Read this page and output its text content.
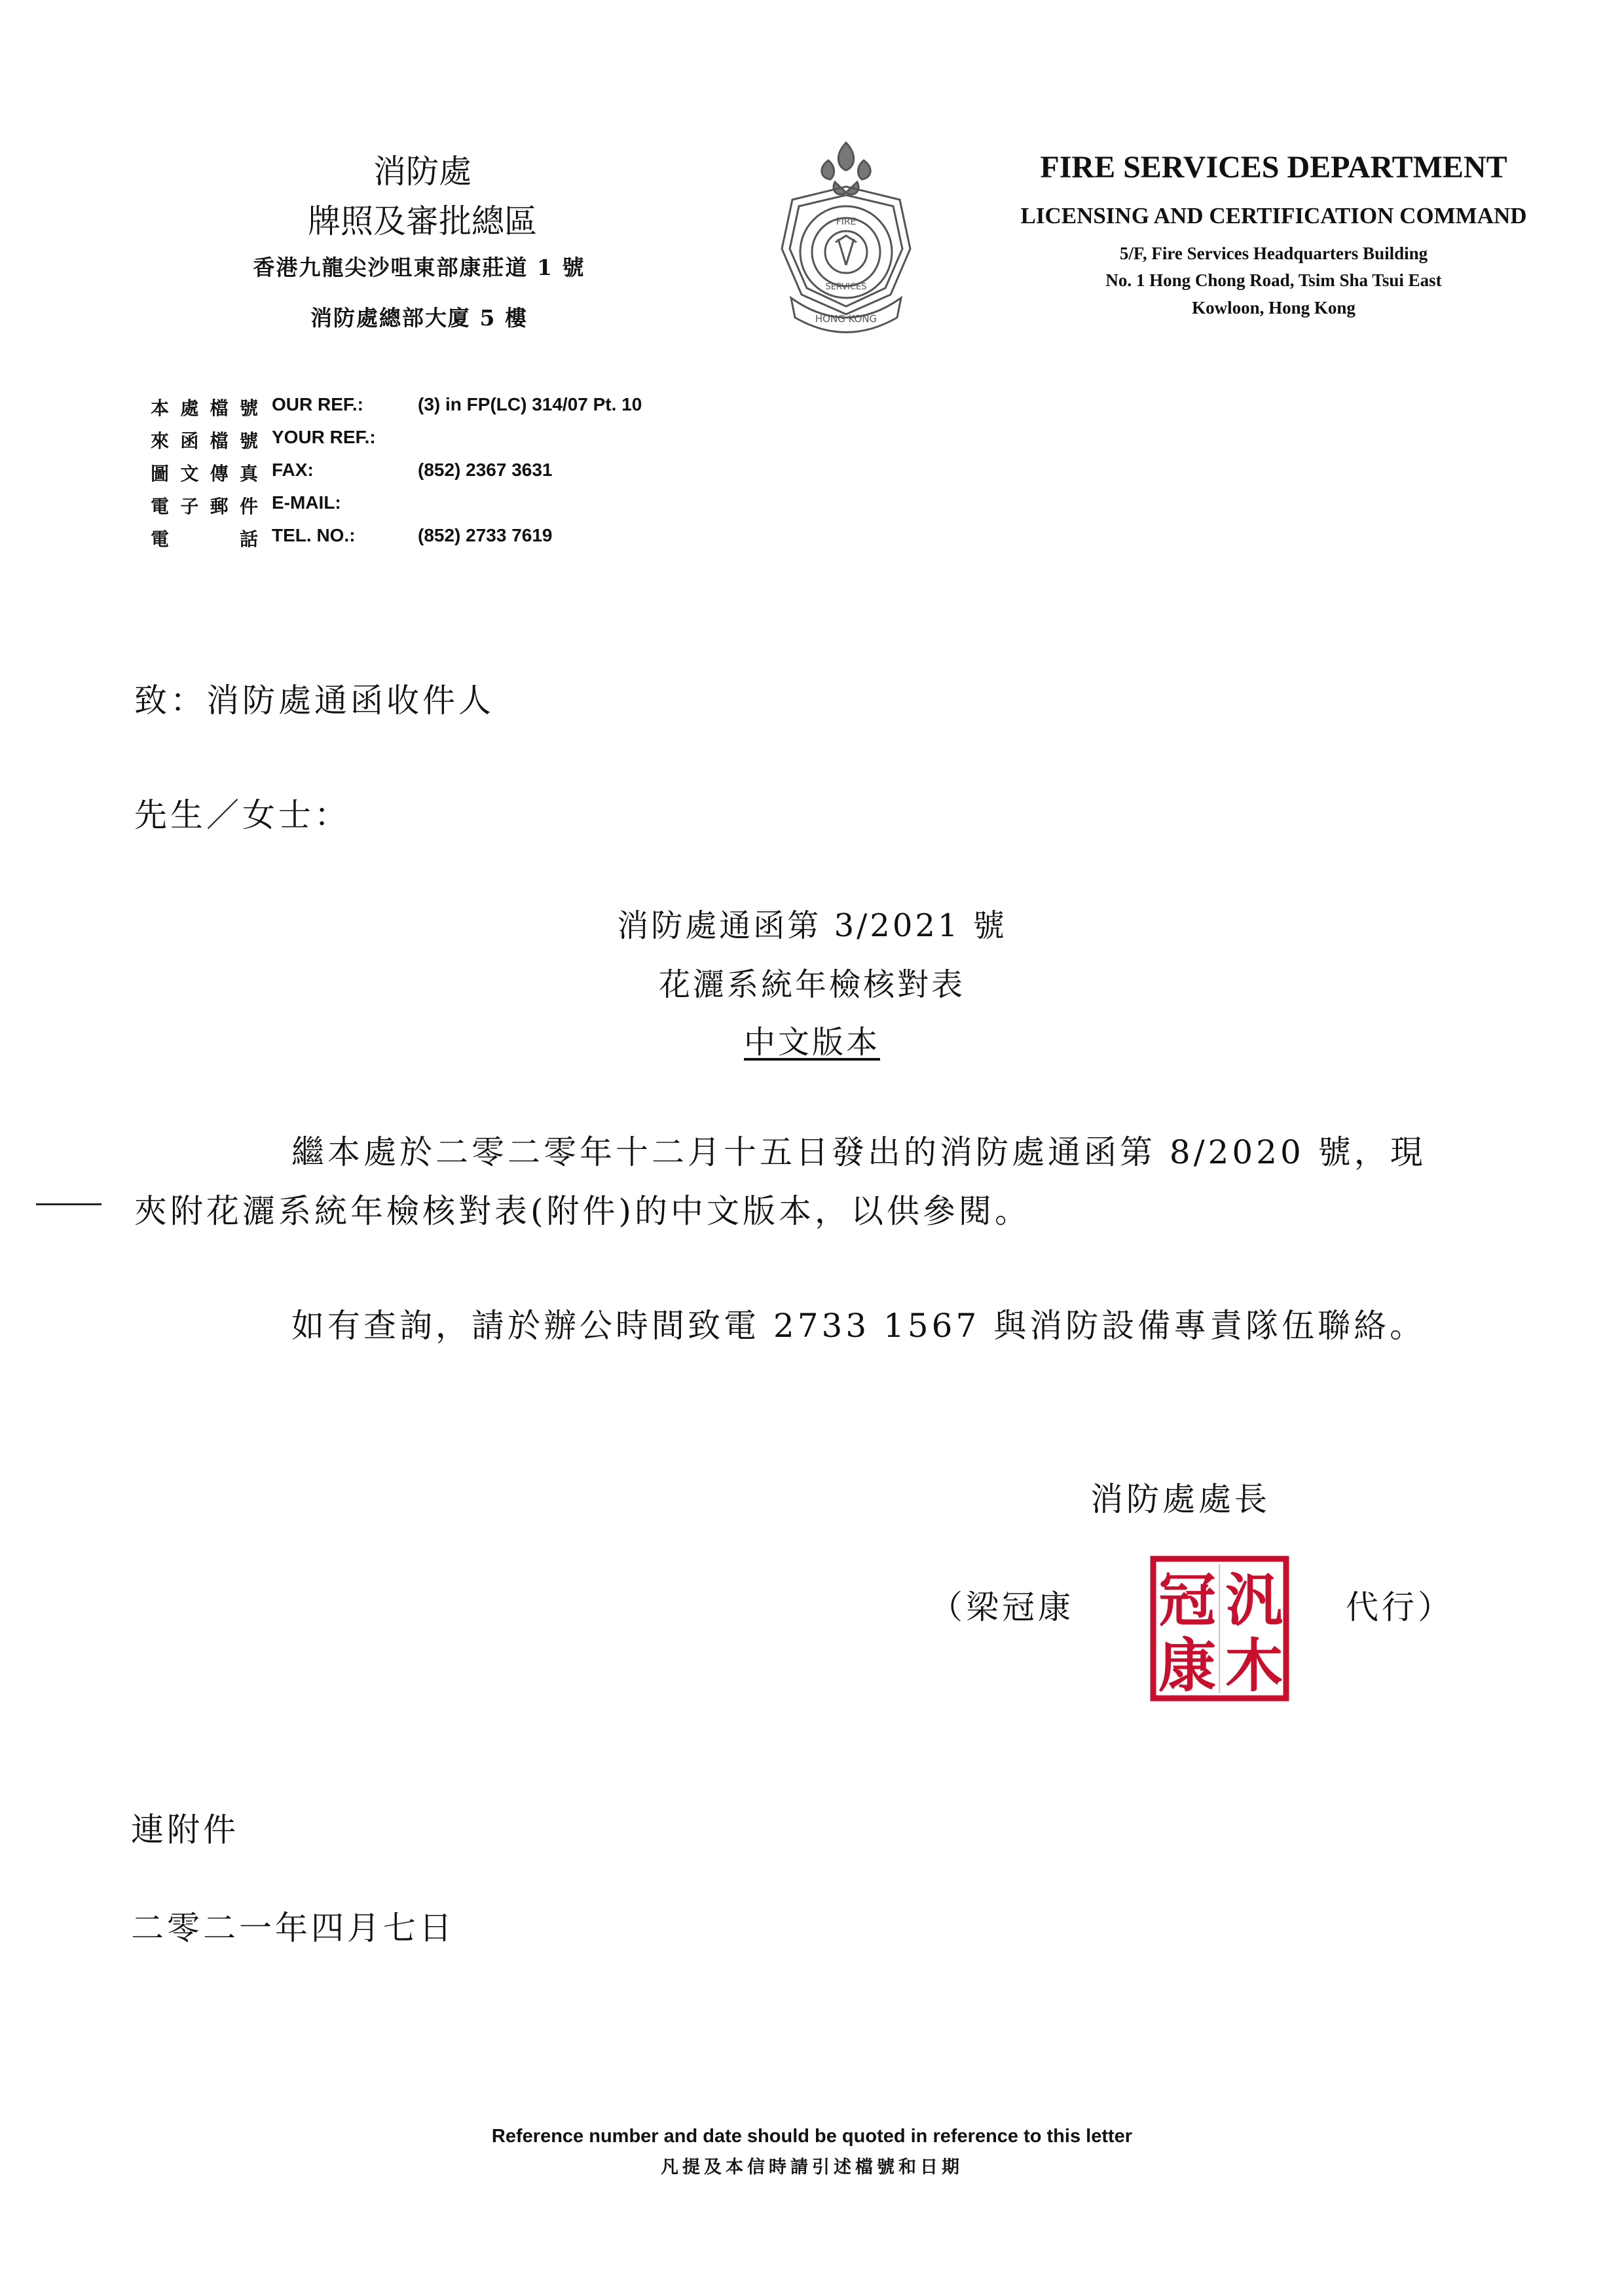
消防處
牌照及審批總區
香港九龍尖沙咀東部康莊道 1 號
消防處總部大廈 5 樓
FIRE
SERVICES
HONG KONG
FIRE SERVICES DEPARTMENT
LICENSING AND CERTIFICATION COMMAND
5/F, Fire Services Headquarters Building
No. 1 Hong Chong Road, Tsim Sha Tsui East
Kowloon, Hong Kong
本處檔號 OUR REF.:	(3) in FP(LC) 314/07 Pt. 10
來函檔號 YOUR REF.:
圖文傳真 FAX:	(852) 2367 3631
電子郵件 E-MAIL:
電話 TEL. NO.:	(852) 2733 7619
致：消防處通函收件人
先生／女士：
消防處通函第 3/2021 號
花灑系統年檢核對表
中文版本
繼本處於二零二零年十二月十五日發出的消防處通函第 8/2020 號，現
夾附花灑系統年檢核對表(附件)的中文版本，以供參閱。
如有查詢，請於辦公時間致電 2733 1567 與消防設備專責隊伍聯絡。
消防處處長
（梁冠康	汎
冠
木
康
代行）
連附件
二零二一年四月七日
Reference number and date should be quoted in reference to this letter
凡提及本信時請引述檔號和日期
